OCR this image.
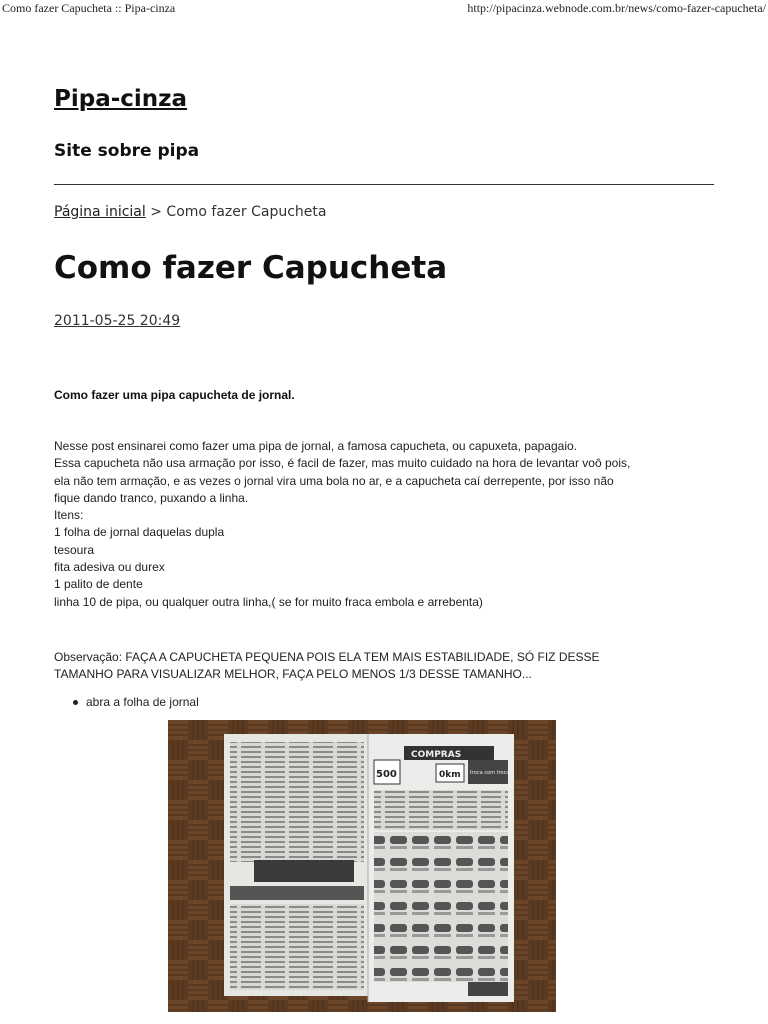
Como fazer Capucheta :: Pipa-cinza	http://pipacinza.webnode.com.br/news/como-fazer-capucheta/
Pipa-cinza
Site sobre pipa
Página inicial > Como fazer Capucheta
Como fazer Capucheta
2011-05-25 20:49

Como fazer uma pipa capucheta de jornal.

Nesse post ensinarei como fazer uma pipa de jornal, a famosa capucheta, ou capuxeta, papagaio.
Essa capucheta não usa armação por isso, é facil de fazer, mas muito cuidado na hora de levantar voô pois,
ela não tem armação, e as vezes o jornal vira uma bola no ar, e a capucheta caí derrepente, por isso não
fique dando tranco, puxando a linha.
Itens:
1 folha de jornal daquelas dupla
tesoura
fita adesiva ou durex
1 palito de dente
linha 10 de pipa, ou qualquer outra linha,( se for muito fraca embola e arrebenta)
Observação: FAÇA A CAPUCHETA PEQUENA POIS ELA TEM MAIS ESTABILIDADE, SÓ FIZ DESSE
TAMANHO PARA VISUALIZAR MELHOR, FAÇA PELO MENOS 1/3 DESSE TAMANHO...
abra a folha de jornal
COMPRAS
500	0km troca com troco
